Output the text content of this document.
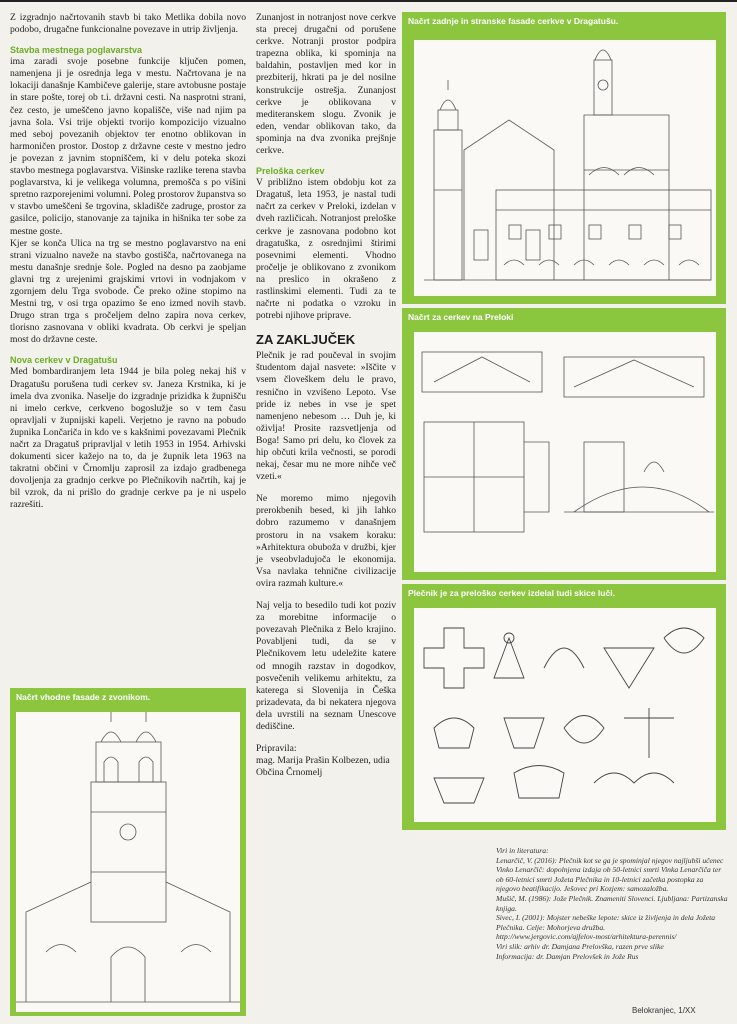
Z izgradnjo načrtovanih stavb bi tako Metlika dobila novo podobo, drugačne funkcionalne povezave in utrip življenja.

Stavba mestnega poglavarstva

ima zaradi svoje posebne funkcije ključen pomen, namenjena ji je osrednja lega v mestu. Načrtovana je na lokaciji današnje Kambičeve galerije, stare avtobusne postaje in stare pošte, torej ob t.i. državni cesti. Na nasprotni strani, čez cesto, je umeščeno javno kopališče, više nad njim pa javna šola. Vsi trije objekti tvorijo kompozicijo vizualno med seboj povezanih objektov ter enotno oblikovan in harmoničen prostor. Dostop z državne ceste v mestno jedro je povezan z javnim stopniščem, ki v delu poteka skozi stavbo mestnega poglavarstva. Višinske razlike terena stavba poglavarstva, ki je velikega volumna, premošča s po višini spretno razporejenimi volumni. Poleg prostorov županstva so v stavbo umeščeni še trgovina, skladišče zadruge, prostor za gasilce, policijo, stanovanje za tajnika in hišnika ter sobe za mestne goste.

Kjer se konča Ulica na trg se mestno poglavarstvo na eni strani vizualno naveže na stavbo gostišča, načrtovanega na mestu današnje srednje šole. Pogled na desno pa zaobjame glavni trg z urejenimi grajskimi vrtovi in vodnjakom v zgornjem delu Trga svobode. Če preko ožine stopimo na Mestni trg, v osi trga opazimo še eno izmed novih stavb. Drugo stran trga s pročeljem delno zapira nova cerkev, tlorisno zasnovana v obliki kvadrata. Ob cerkvi je speljan most do državne ceste.

Nova cerkev v Dragatušu

Med bombardiranjem leta 1944 je bila poleg nekaj hiš v Dragatušu porušena tudi cerkev sv. Janeza Krstnika, ki je imela dva zvonika. Naselje do izgradnje prizidka k župnišču ni imelo cerkve, cerkveno bogoslužje so v tem času opravljali v župnijski kapeli. Verjetno je ravno na pobudo župnika Lončariča in kdo ve s kakšnimi povezavami Plečnik načrt za Dragatuš pripravljal v letih 1953 in 1954. Arhivski dokumenti sicer kažejo na to, da je župnik leta 1963 na takratni občini v Črnomlju zaprosil za izdajo gradbenega dovoljenja za gradnjo cerkve po Plečnikovih načrtih, kaj je bil vzrok, da ni prišlo do gradnje cerkve pa je ni uspelo razrešiti.

Zunanjost in notranjost nove cerkve sta precej drugačni od porušene cerkve. Notranji prostor podpira trapezna oblika, ki spominja na baldahin, postavljen med kor in prezbiterij, hkrati pa je del nosilne konstrukcije ostrešja. Zunanjost cerkve je oblikovana v mediteranskem slogu. Zvonik je eden, vendar oblikovan tako, da spominja na dva zvonika prejšnje cerkve.

Preloška cerkev

V približno istem obdobju kot za Dragatuš, leta 1953, je nastal tudi načrt za cerkev v Preloki, izdelan v dveh različicah. Notranjost preloške cerkve je zasnovana podobno kot dragatuška, z osrednjimi štirimi posevnimi elementi. Vhodno pročelje je oblikovano z zvonikom na preslico in okrašeno z rastlinskimi elementi. Tudi za te načrte ni podatka o vzroku in potrebi njihove priprave.

ZA ZAKLJUČEK

Plečnik je rad poučeval in svojim študentom dajal nasvete: »Iščite v vsem človeškem delu le pravo, resnično in vzvišeno Lepoto. Vse pride iz nebes in vse je spet namenjeno nebesom … Duh je, ki oživlja! Prosite razsvetljenja od Boga! Samo pri delu, ko človek za hip občuti krila večnosti, se porodi nekaj, česar mu ne more nihče več vzeti.«

Ne moremo mimo njegovih prerokbenih besed, ki jih lahko dobro razumemo v današnjem prostoru in na vsakem koraku: »Arhitektura obuboža v družbi, kjer je vseobvladujoča le ekonomija. Vsa navlaka tehnične civilizacije ovira razmah kulture.«

Naj velja to besedilo tudi kot poziv za morebitne informacije o povezavah Plečnika z Belo krajino. Povabljeni tudi, da se v Plečnikovem letu udeležite katere od mnogih razstav in dogodkov, posvečenih velikemu arhitektu, za katerega si Slovenija in Češka prizadevata, da bi nekatera njegova dela uvrstili na seznam Unescove dediščine.

Pripravila:
mag. Marija Prašin Kolbezen, udia
Občina Črnomelj
Načrt zadnje in stranske fasade cerkve v Dragatušu.
Načrt za cerkev na Preloki
Plečnik je za preloško cerkev izdelal tudi skice luči.
Načrt vhodne fasade z zvonikom.
Viri in literatura:
Lenarčič, V. (2016): Plečnik kot se ga je spominjal njegov najljubši učenec Vinko Lenarčič: dopolnjena izdaja ob 50-letnici smrti Vinka Lenarčiča ter ob 60-letnici smrti Jožeta Plečnika in 10-letnici začetka postopka za njegovo beatifikacijo. Ješovec pri Kozjem: samozaložba.
Mušič, M. (1986): Jože Plečnik. Znameniti Slovenci. Ljubljana: Partizanska knjiga.
Sivec, I. (2001): Mojster nebeške lepote: skice iz življenja in dela Jožeta Plečnika. Celje: Mohorjeva družba.
http://www.jergovic.com/ajfelov-most/arhitektura-perennis/
Viri slik: arhiv dr. Damjana Prelovška, razen prve slike
Informacija: dr. Damjan Prelovšek in Jože Rus
Belokranjec, 1/XX
